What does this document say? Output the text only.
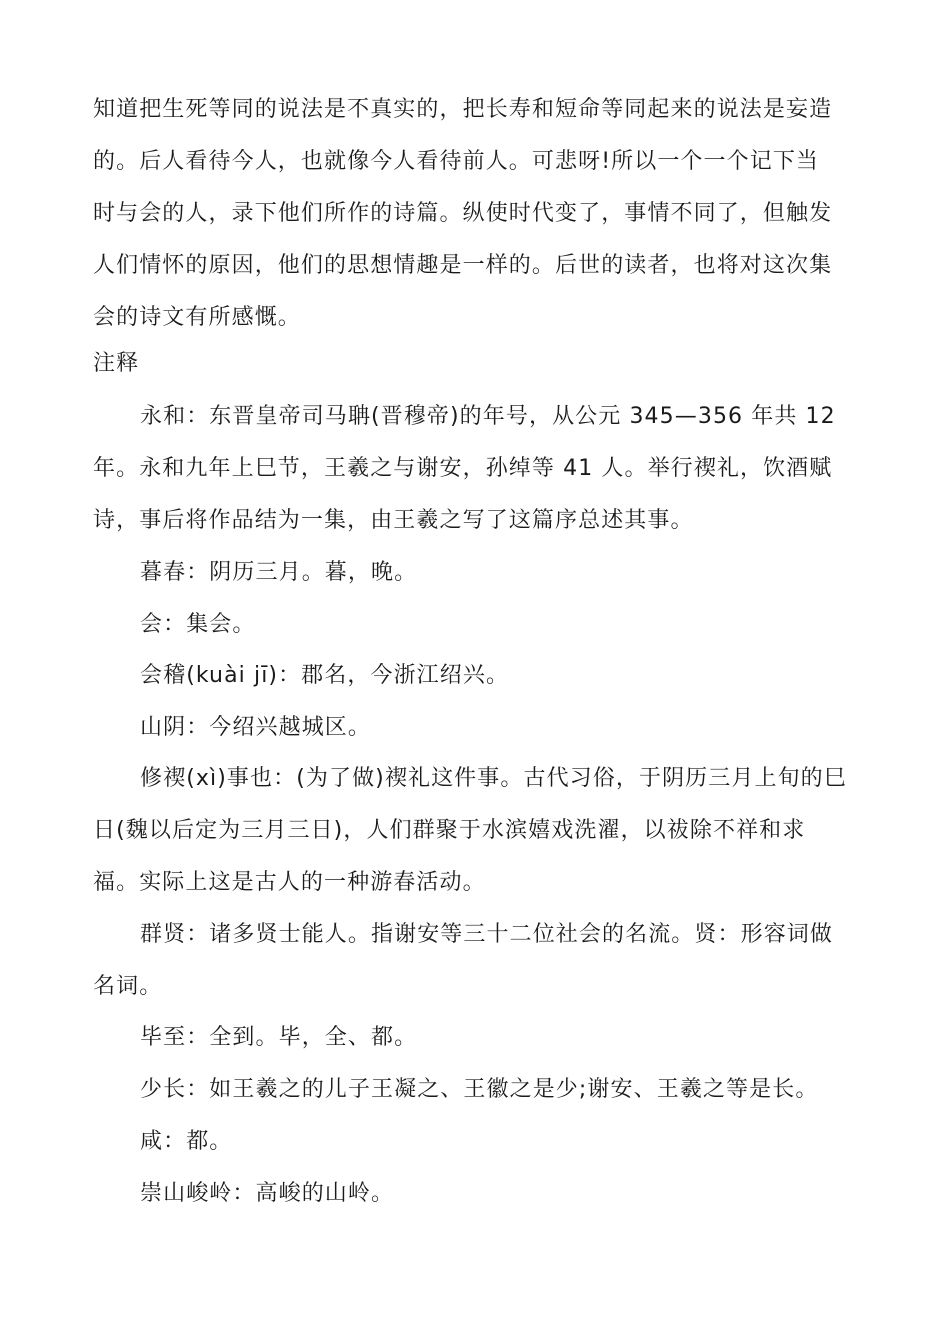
知道把生死等同的说法是不真实的，把长寿和短命等同起来的说法是妄造
的。后人看待今人，也就像今人看待前人。可悲呀!所以一个一个记下当
时与会的人，录下他们所作的诗篇。纵使时代变了，事情不同了，但触发
人们情怀的原因，他们的思想情趣是一样的。后世的读者，也将对这次集
会的诗文有所感慨。
注释
永和：东晋皇帝司马聃(晋穆帝)的年号，从公元 345—356 年共 12
年。永和九年上巳节，王羲之与谢安，孙绰等 41 人。举行禊礼，饮酒赋
诗，事后将作品结为一集，由王羲之写了这篇序总述其事。
暮春：阴历三月。暮，晚。
会：集会。
会稽(kuài jī)：郡名，今浙江绍兴。
山阴：今绍兴越城区。
修禊(xì)事也：(为了做)禊礼这件事。古代习俗，于阴历三月上旬的巳
日(魏以后定为三月三日)，人们群聚于水滨嬉戏洗濯，以祓除不祥和求
福。实际上这是古人的一种游春活动。
群贤：诸多贤士能人。指谢安等三十二位社会的名流。贤：形容词做
名词。
毕至：全到。毕，全、都。
少长：如王羲之的儿子王凝之、王徽之是少;谢安、王羲之等是长。
咸：都。
崇山峻岭：高峻的山岭。
